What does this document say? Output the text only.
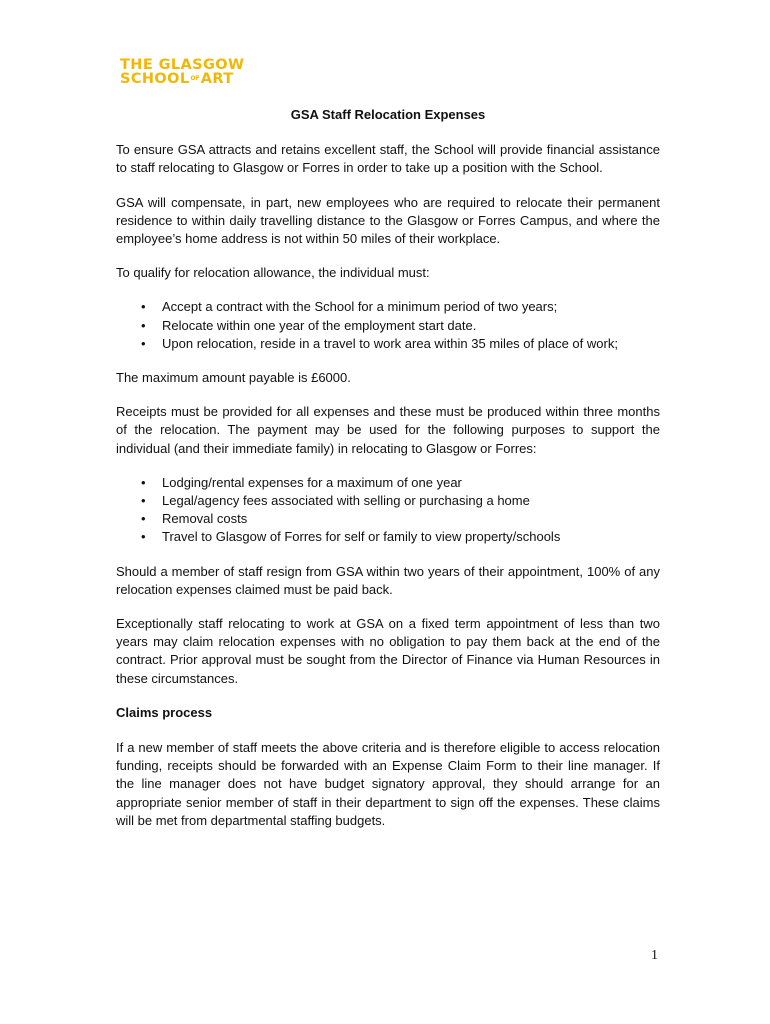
THE GLASGOW
SCHOOLOFART
GSA Staff Relocation Expenses

To ensure GSA attracts and retains excellent staff, the School will provide financial assistance to staff relocating to Glasgow or Forres in order to take up a position with the School.

GSA will compensate, in part, new employees who are required to relocate their permanent residence to within daily travelling distance to the Glasgow or Forres Campus, and where the employee’s home address is not within 50 miles of their workplace.

To qualify for relocation allowance, the individual must:

• Accept a contract with the School for a minimum period of two years;
• Relocate within one year of the employment start date.
• Upon relocation, reside in a travel to work area within 35 miles of place of work;

The maximum amount payable is £6000.

Receipts must be provided for all expenses and these must be produced within three months of the relocation. The payment may be used for the following purposes to support the individual (and their immediate family) in relocating to Glasgow or Forres:

• Lodging/rental expenses for a maximum of one year
• Legal/agency fees associated with selling or purchasing a home
• Removal costs
• Travel to Glasgow of Forres for self or family to view property/schools

Should a member of staff resign from GSA within two years of their appointment, 100% of any relocation expenses claimed must be paid back.

Exceptionally staff relocating to work at GSA on a fixed term appointment of less than two years may claim relocation expenses with no obligation to pay them back at the end of the contract. Prior approval must be sought from the Director of Finance via Human Resources in these circumstances.

Claims process

If a new member of staff meets the above criteria and is therefore eligible to access relocation funding, receipts should be forwarded with an Expense Claim Form to their line manager. If the line manager does not have budget signatory approval, they should arrange for an appropriate senior member of staff in their department to sign off the expenses. These claims will be met from departmental staffing budgets.

1
